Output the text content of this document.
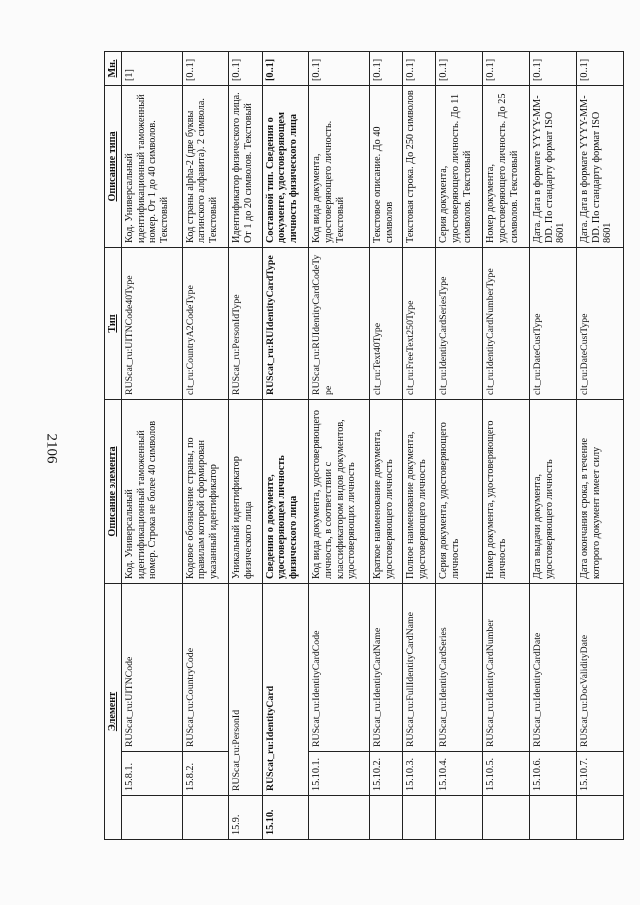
2106
Элемент			Описание элемента	Тип	Описание типа	Мн.
	15.8.1.	RUScat_ru:UITNCode	Код. Универсальный идентификационный таможенный номер. Строка не более 40 символов	RUScat_ru:UITNCode40Type	Код. Универсальный идентификационный таможенный номер. От 1 до 40 символов. Текстовый	[1]
	15.8.2.	RUScat_ru:CountryCode	Кодовое обозначение страны, по правилам которой сформирован указанный идентификатор	clt_ru:CountryA2CodeType	Код страны alpha-2 (две буквы латинского алфавита). 2 символа. Текстовый	[0..1]
15.9.	RUScat_ru:PersonId		Уникальный идентификатор физического лица	RUScat_ru:PersonIdType	Идентификатор физического лица. От 1 до 20 символов. Текстовый	[0..1]
15.10.	RUScat_ru:IdentityCard		Сведения о документе, удостоверяющем личность физического лица	RUScat_ru:RUIdentityCardType	Составной тип. Сведения о документе, удостоверяющем личность физического лица	[0..1]
	15.10.1.	RUScat_ru:IdentityCardCode	Код вида документа, удостоверяющего личность, в соответствии с классификатором видов документов, удостоверяющих личность	RUScat_ru:RUIdentityCardCodeType	Код вида документа, удостоверяющего личность. Текстовый	[0..1]
	15.10.2.	RUScat_ru:IdentityCardName	Краткое наименование документа, удостоверяющего личность	clt_ru:Text40Type	Текстовое описание. До 40 символов	[0..1]
	15.10.3.	RUScat_ru:FullIdentityCardName	Полное наименование документа, удостоверяющего личность	clt_ru:FreeText250Type	Текстовая строка. До 250 символов	[0..1]
	15.10.4.	RUScat_ru:IdentityCardSeries	Серия документа, удостоверяющего личность	clt_ru:IdentityCardSeriesType	Серия документа, удостоверяющего личность. До 11 символов. Текстовый	[0..1]
	15.10.5.	RUScat_ru:IdentityCardNumber	Номер документа, удостоверяющего личность	clt_ru:IdentityCardNumberType	Номер документа, удостоверяющего личность. До 25 символов. Текстовый	[0..1]
	15.10.6.	RUScat_ru:IdentityCardDate	Дата выдачи документа, удостоверяющего личность	clt_ru:DateCustType	Дата. Дата в формате YYYY-MM-DD. По стандарту формат ISO 8601	[0..1]
	15.10.7.	RUScat_ru:DocValidityDate	Дата окончания срока, в течение которого документ имеет силу	clt_ru:DateCustType	Дата. Дата в формате YYYY-MM-DD. По стандарту формат ISO 8601	[0..1]
